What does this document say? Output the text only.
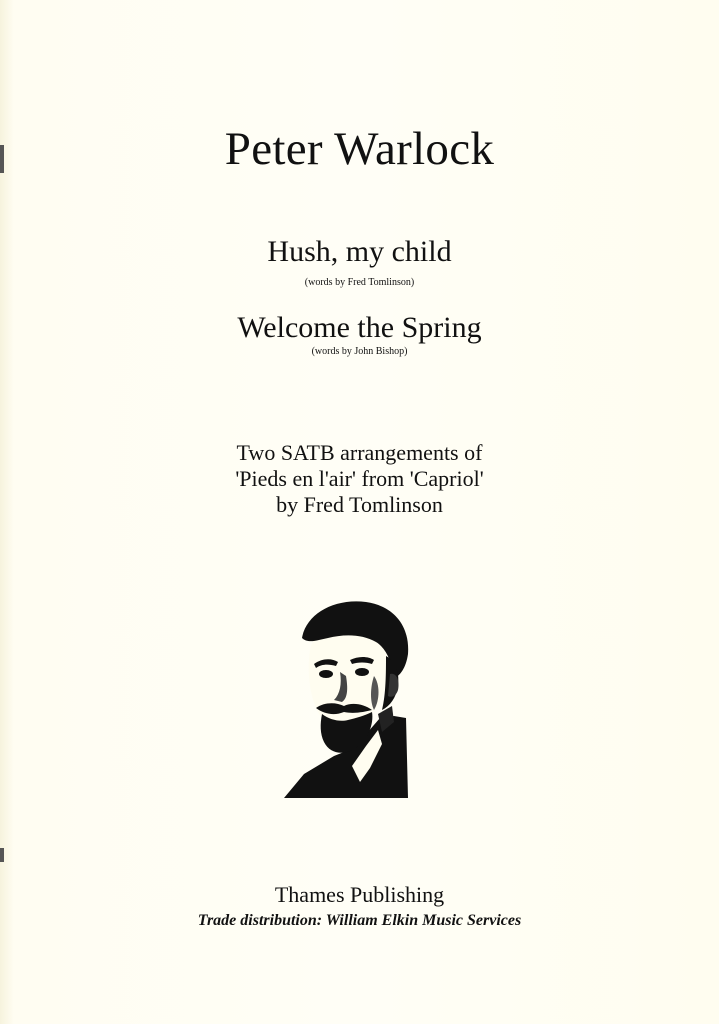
Peter Warlock
Hush, my child
(words by Fred Tomlinson)
Welcome the Spring
(words by John Bishop)
Two SATB arrangements of
'Pieds en l'air' from 'Capriol'
by Fred Tomlinson
Thames Publishing
Trade distribution: William Elkin Music Services
